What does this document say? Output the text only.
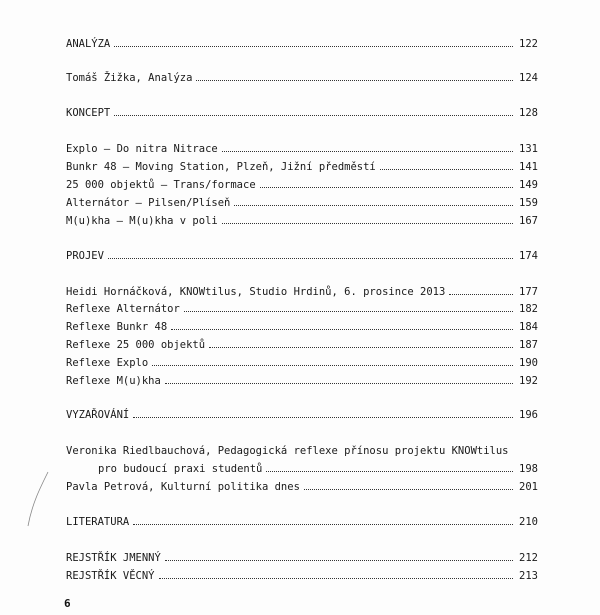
ANALÝZA	122
Tomáš Žižka, Analýza	124
KONCEPT	128
Explo – Do nitra Nitrace	131
Bunkr 48 – Moving Station, Plzeň, Jižní předměstí	141
25 000 objektů – Trans/formace	149
Alternátor – Pilsen/Plíseň	159
M(u)kha – M(u)kha v poli	167
PROJEV	174
Heidi Hornáčková, KNOWtilus, Studio Hrdinů, 6. prosince 2013	177
Reflexe Alternátor	182
Reflexe Bunkr 48	184
Reflexe 25 000 objektů	187
Reflexe Explo	190
Reflexe M(u)kha	192
VYZAŘOVÁNÍ	196
Veronika Riedlbauchová, Pedagogická reflexe přínosu projektu KNOWtilus
pro budoucí praxi studentů	198
Pavla Petrová, Kulturní politika dnes	201
LITERATURA	210
REJSTŘÍK JMENNÝ	212
REJSTŘÍK VĚCNÝ	213
6
